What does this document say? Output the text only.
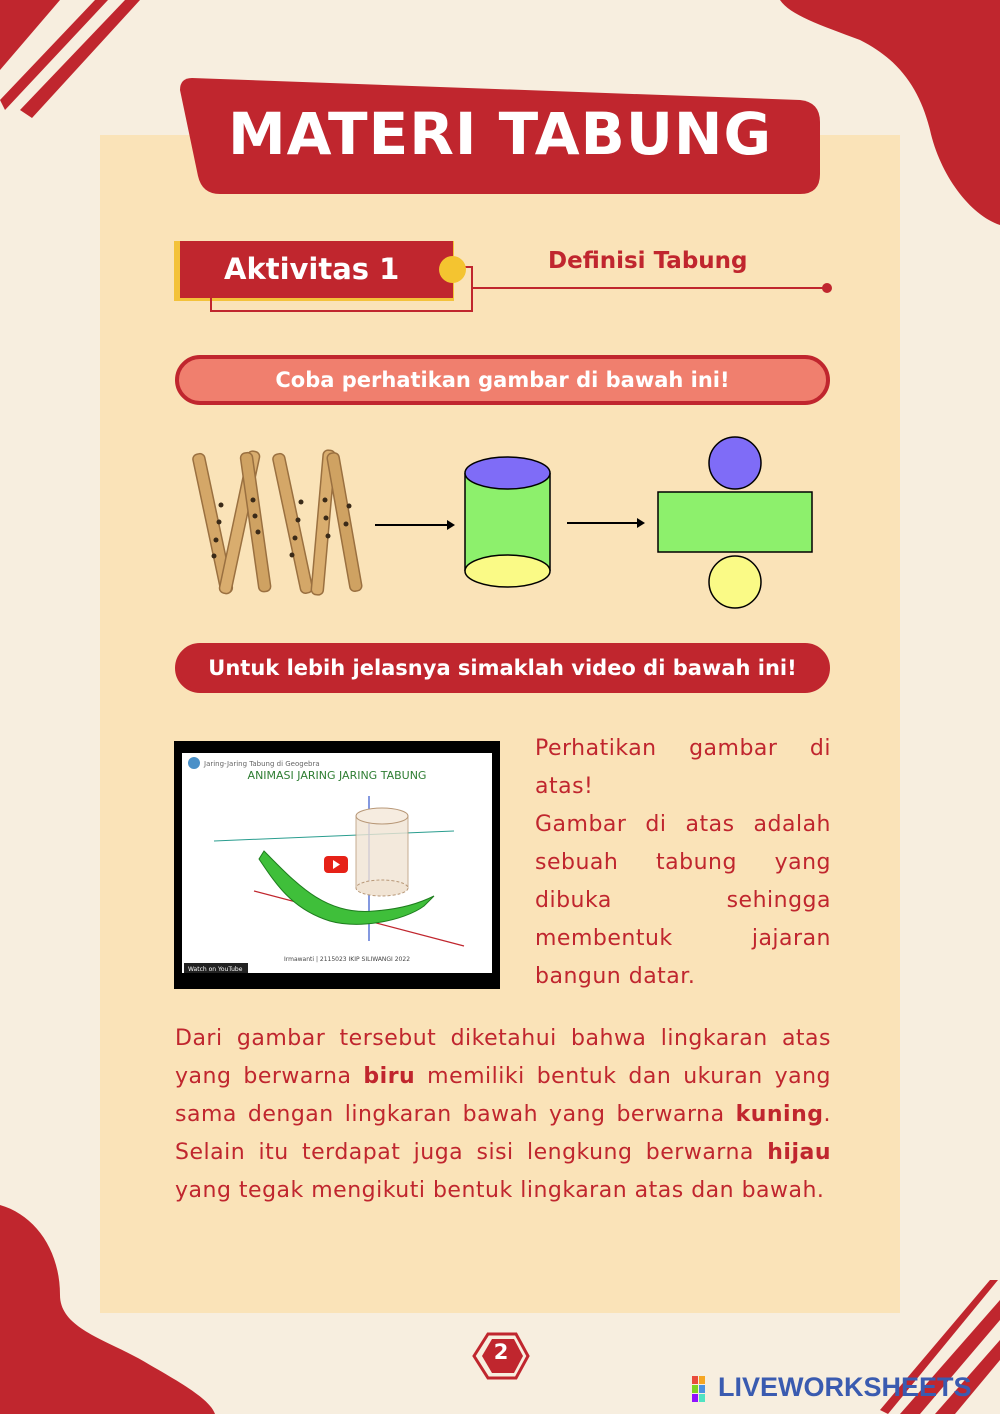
MATERI TABUNG
Aktivitas 1	Definisi Tabung
Coba perhatikan gambar di bawah ini!
Untuk lebih jelasnya simaklah video di bawah ini!
Jaring-Jaring Tabung di Geogebra
ANIMASI JARING JARING TABUNG
Irmawanti | 2115023 IKIP SILIWANGI 2022
Watch on YouTube

Perhatikan gambar di atas!

Gambar di atas adalah sebuah tabung yang dibuka sehingga membentuk jajaran bangun datar.

Dari gambar tersebut diketahui bahwa lingkaran atas yang berwarna biru memiliki bentuk dan ukuran yang sama dengan lingkaran bawah yang berwarna kuning. Selain itu terdapat juga sisi lengkung berwarna hijau yang tegak mengikuti bentuk lingkaran atas dan bawah.
2
LIVEWORKSHEETS
